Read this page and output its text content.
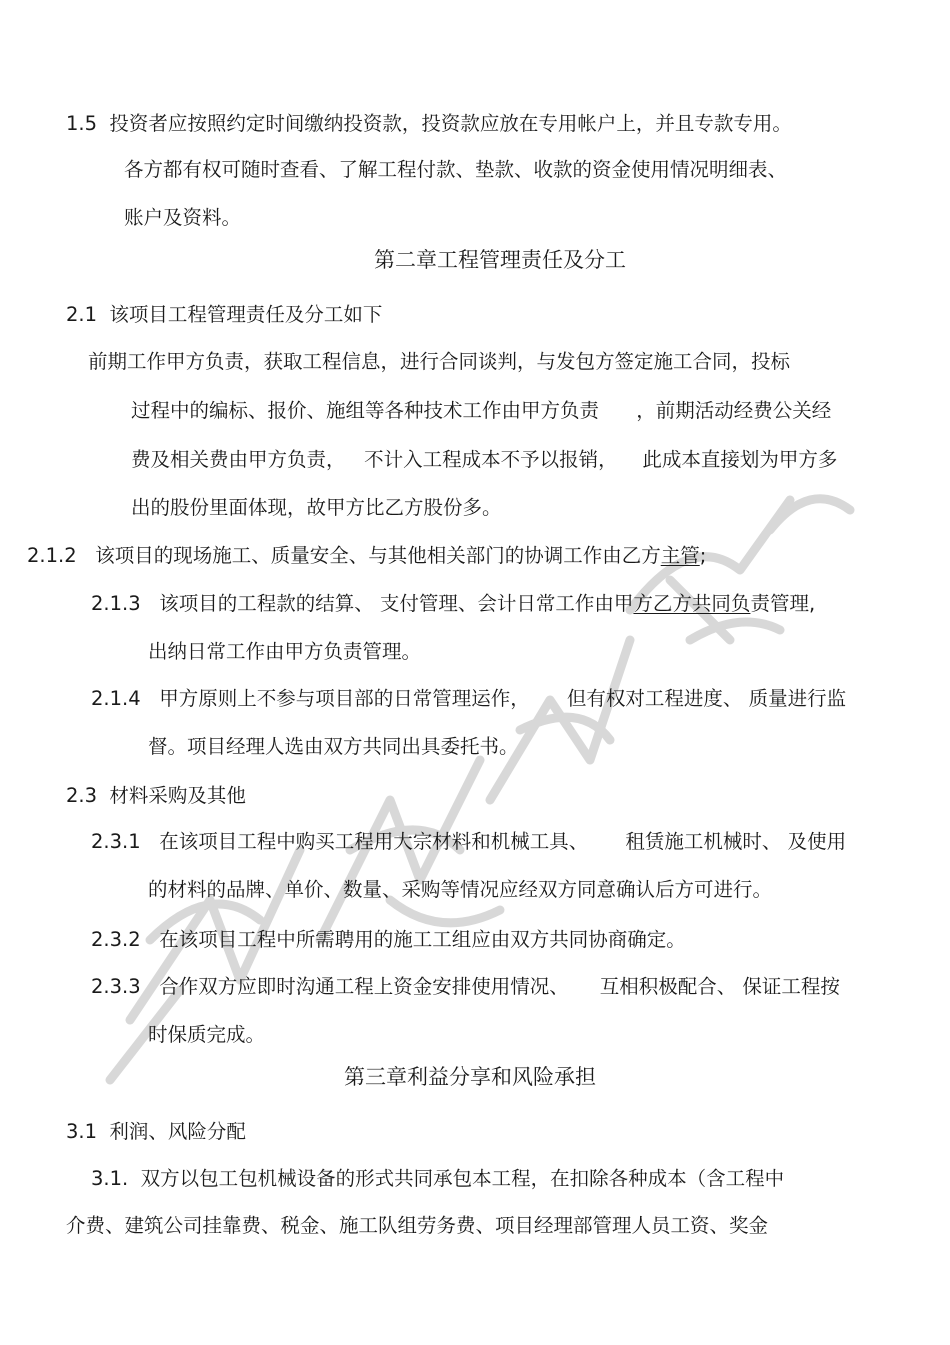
1.5  投资者应按照约定时间缴纳投资款，投资款应放在专用帐户上，并且专款专用。
各方都有权可随时查看、了解工程付款、垫款、收款的资金使用情况明细表、
账户及资料。
第二章工程管理责任及分工
2.1  该项目工程管理责任及分工如下
前期工作甲方负责，获取工程信息，进行合同谈判，与发包方签定施工合同，投标
过程中的编标、报价、施组等各种技术工作由甲方负责      ，前期活动经费公关经
费及相关费由甲方负责，   不计入工程成本不予以报销，    此成本直接划为甲方多
出的股份里面体现，故甲方比乙方股份多。
2.1.2   该项目的现场施工、质量安全、与其他相关部门的协调工作由乙方主管;
2.1.3   该项目的工程款的结算、 支付管理、会计日常工作由甲方乙方共同负责管理,
出纳日常工作由甲方负责管理。
2.1.4   甲方原则上不参与项目部的日常管理运作，      但有权对工程进度、 质量进行监
督。项目经理人选由双方共同出具委托书。
2.3  材料采购及其他
2.3.1   在该项目工程中购买工程用大宗材料和机械工具、      租赁施工机械时、 及使用
的材料的品牌、单价、数量、采购等情况应经双方同意确认后方可进行。
2.3.2   在该项目工程中所需聘用的施工工组应由双方共同协商确定。
2.3.3   合作双方应即时沟通工程上资金安排使用情况、     互相积极配合、 保证工程按
时保质完成。
第三章利益分享和风险承担
3.1  利润、风险分配
3.1.  双方以包工包机械设备的形式共同承包本工程，在扣除各种成本（含工程中
介费、建筑公司挂靠费、税金、施工队组劳务费、项目经理部管理人员工资、奖金
